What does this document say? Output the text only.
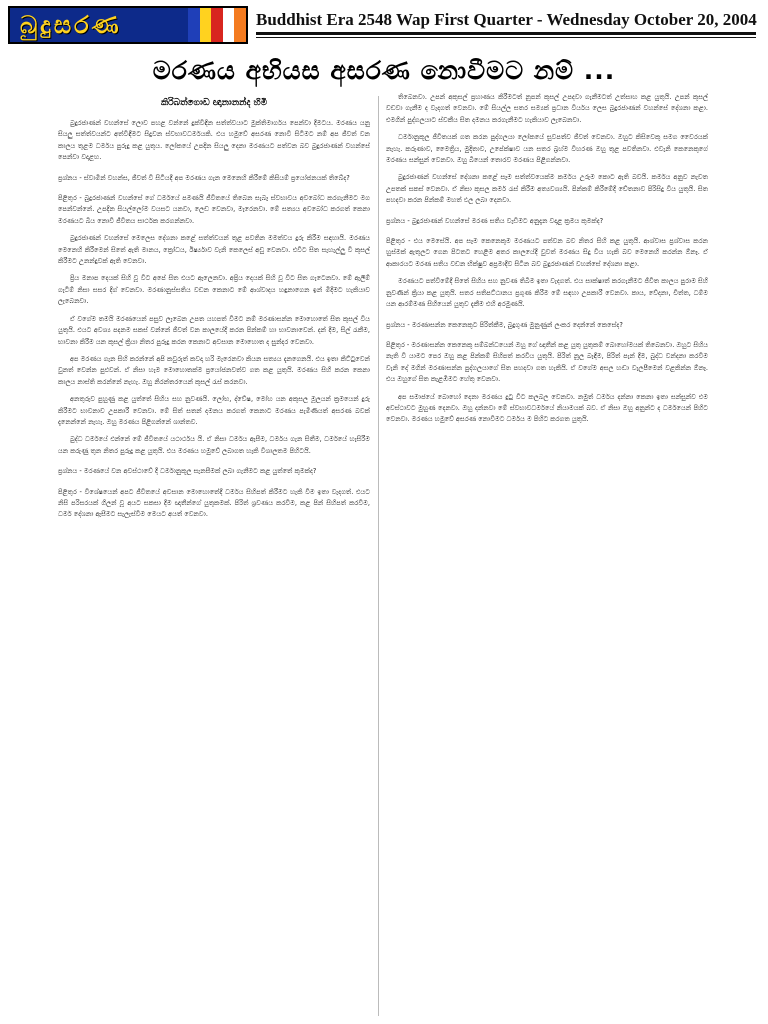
බුදුසරණ	Buddhist Era 2548 Wap First Quarter - Wednesday October 20, 2004
මරණය අභියස අසරණ නොවීමට නම් ...
කිරිබත්ගොඩ ඥානානන්ද හිමි

බුදුරජාණන් වහන්සේ ලොව පහළ වන්නේ දුක්විඳින සත්ත්වයාට මුක්තිමාර්ගය පෙන්වා දීමටය. මරණය යනු සියලු සත්ත්වයන්ට අත්විඳීමට සිදුවන ස්වභාවධර්මයකි. එය හමුවේ අසරණ නොවී සිටීමට නම් අප ජීවත් වන කාලය තුළම ධර්මය පුරුදු කළ යුතුය. ලෝකයේ උපදින සියලු දෙනා මරණයට පත්වන බව බුදුරජාණන් වහන්සේ පෙන්වා වදාළහ.

ප්‍රශ්නය - ස්වාමීන් වහන්ස, ජීවත් වී සිටියදී අප මරණය ගැන මෙනෙහි කිරීමේ කිසියම් ප්‍රයෝජනයක් තිබේද?

පිළිතුර - බුදුරජාණන් වහන්සේ ගේ ධර්මයේ පමණයි ජීවිතයේ තිබෙන සැබෑ ස්වභාවය අවබෝධ කරගැනීමට මග පෙන්වන්නේ. උපදින සියල්ලෝම වයසට යනවා, ලෙඩ වෙනවා, මැරෙනවා. මේ සත්‍යය අවබෝධ කරගත් කෙනා මරණයට බිය නොවී ජීවිතය සාර්ථක කරගන්නවා.

බුදුරජාණන් වහන්සේ මෙලෙස දේශනා කළේ සත්ත්වයන් තුළ පවතින මමත්වය දුරු කිරීම සඳහායි. මරණය මෙනෙහි කිරීමෙන් සිතේ ඇති මානය, ක්‍රෝධය, ඊර්ෂ්‍යාව වැනි කෙලෙස් අඩු වෙනවා. එවිට සිත සැහැල්ලු වී කුසල් කිරීමට උනන්දුවක් ඇති වෙනවා.

ප්‍රිය මනාප දෙයක් සිහි වූ විට අපේ සිත එයට ඇලෙනවා. අප්‍රිය දෙයක් සිහි වූ විට සිත ගැටෙනවා. මේ ඇලීම් ගැටීම් නිසා සසර දිග් වෙනවා. මරණානුස්සතිය වඩන කෙනාට මේ ආශ්වාදය හඳුනාගෙන ඉන් මිදීමට හැකියාව ලැබෙනවා.

ඒ වගේම තමයි මරණයෙන් පසුව ලැබෙන උපත යහපත් වීමට නම් මරණාසන්න මොහොතේ සිත කුසල් විය යුතුයි. එයට අවශ්‍ය පදනම සකස් වන්නේ ජීවත් වන කාලයේදී කරන පින්කම් හා භාවනාවෙන්. දන් දීම, සිල් රැකීම, භාවනා කිරීම යන කුසල් ක්‍රියා නිතර පුරුදු කරන කෙනාට අවසාන මොහොත ද සුන්දර වෙනවා.

අප මරණය ගැන සිහි කරන්නේ අපි කවුරුත් කවදා හරි මැරෙනවා කියන සත්‍යය දැනගෙනයි. එය ඉතා කිට්ටුවෙන් වුනත් වෙන්න පුළුවන්. ඒ නිසා හැම මොහොතක්ම ප්‍රයෝජනවත්ව ගත කළ යුතුයි. මරණය සිහි කරන කෙනා කාලය නාස්ති කරන්නේ නැහැ. ඔහු නිරන්තරයෙන් කුසල් රැස් කරනවා.

අනතුරුව පුහුණු කළ යුත්තේ සිහිය සහ නුවණයි. ලෝභ, ද්වේෂ, මෝහ යන අකුසල මූලයන් ක්‍රමයෙන් දුරු කිරීමට භාවනාව උපකාරී වෙනවා. මේ සිත් සතන් දමනය කරගත් කෙනාට මරණය පැමිණියත් අසරණ බවක් දැනෙන්නේ නැහැ. ඔහු මරණය පිළිගන්නේ ශාන්තව.

බුද්ධ ධර්මයේ එන්නේ මේ ජීවිතයේ යථාර්ථය යි. ඒ නිසා ධර්මය ඇසීම, ධර්මය ගැන සිතීම, ධර්මයේ හැසිරීම යන කරුණු තුන නිතර පුරුදු කළ යුතුයි. එය මරණය හමුවේ ලබාගත හැකි විශාලතම පිහිටයි.

ප්‍රශ්නය - මරණයේ වන අවස්ථාවේ දී ධර්මානුකූල සැනසීමක් ලබා ගැනීමට කළ යුත්තේ කුමක්ද?

පිළිතුර - විශේෂයෙන් අපට ජීවිතයේ අවසාන මොහොතේදී ධර්මය සිහිපත් කිරීමට හැකි වීම ඉතා වැදගත්. එයට නිසි පරිසරයක් ගිලන් වූ අයට සකසා දීම ඥාතීන්ගේ යුතුකමක්. පිරිත් ශ්‍රවණය කරවීම, කළ පින් සිහිපත් කරවීම, ධර්ම දේශනා ඇසීමට සැලැස්වීම මෙයට අයත් වෙනවා.

තිබෙනවා. උපන් අකුසල් ප්‍රහාණය කිරීමටත් නූපන් කුසල් උපදවා ගැනීමටත් උත්සාහ කළ යුතුයි. උපන් කුසල් වඩවා ගැනීම ද වැදගත් වෙනවා. මේ සියල්ල සතර සම්‍යක් ප්‍රධාන වීර්යය ලෙස බුදුරජාණන් වහන්සේ දේශනා කළා. එමගින් පුද්ගලයාට ස්වකීය සිත දමනය කරගැනීමට හැකියාව ලැබෙනවා.

ධර්මානුකූල ජීවිතයක් ගත කරන පුද්ගලයා ලෝකයේ සුවපත්ව ජීවත් වෙනවා. ඔහුට කිසිවෙකු සමග වෛරයක් නැහැ. කරුණාව, මෛත්‍රිය, මුදිතාව, උපේක්ෂාව යන සතර බ්‍රහ්ම විහරණ ඔහු තුළ පවතිනවා. එවැනි කෙනෙකුගේ මරණය සන්සුන් වෙනවා. ඔහු බියෙන් තොරව මරණය පිළිගන්නවා.

බුදුරජාණන් වහන්සේ දේශනා කළේ සෑම සත්ත්වයෙක්ම කර්මය උරුම කොට ඇති බවයි. කර්මය අනුව නැවත උපතක් සකස් වෙනවා. ඒ නිසා කුසල කර්ම රැස් කිරීම අත්‍යවශ්‍යයි. පින්කම් කිරීමේදී චේතනාව පිරිසිදු විය යුතුයි. සිත පහදවා කරන පින්කම් මහත් ඵල ලබා දෙනවා.

ප්‍රශ්නය - බුදුරජාණන් වහන්සේ මරණ සතිය වැඩීමට අනුදැන වදාළ ක්‍රමය කුමක්ද?

පිළිතුර - එය මෙසේයි. අප සෑම කෙනෙකුම මරණයට පත්වන බව නිතර සිහි කළ යුතුයි. ආශ්වාස ප්‍රශ්වාස කරන හුස්මක් ඇතුලට ගෙන පිටතට හෙළීම අතර කාලයේදී වුවත් මරණය සිදු විය හැකි බව මෙනෙහි කරන්න ඕනෑ. ඒ ආකාරයට මරණ සතිය වඩන භික්ෂුව අප්‍රමාදීව සිටින බව බුදුරජාණන් වහන්සේ දේශනා කළා.

මරණයට පත්වීමේදී සිතේ සිහිය සහ නුවණ තිබීම ඉතා වැදගත්. එය සාක්ෂාත් කරගැනීමට ජීවිත කාලය පුරාම සිහි නුවණින් ක්‍රියා කළ යුතුයි. සතර සතිපට්ඨානය ප්‍රගුණ කිරීම මේ සඳහා උපකාරී වෙනවා. කාය, වේදනා, චිත්ත, ධම්ම යන ආරම්මණ සිහියෙන් යුතුව දැකීම එහි අරමුණයි.

ප්‍රශ්නය - මරණාසන්න කෙනෙකුට පිරිත්කීම, බුදුගුණ මුනුණුන් ලංකර දෙන්නේ කෙසේද?

පිළිතුර - මරණාසන්න කෙනෙකු සම්බන්ධයෙන් ඔහු ගේ ඥාතීන් කළ යුතු යුතුකම් බොහෝමයක් තිබෙනවා. ඔහුට සිහිය නැති වී යාමට පෙර ඔහු කළ පින්කම් සිහිපත් කරවිය යුතුයි. පිරිත් නූල බැඳීම, පිරිත් පැන් දීම, බුද්ධ වන්දනා කරවීම වැනි දේ මගින් මරණාසන්න පුද්ගලයාගේ සිත පහදවා ගත හැකියි. ඒ වගේම අසල හඬා වැලපීමෙන් වළකින්න ඕනෑ. එය ඔහුගේ සිත කැළඹීමට හේතු වෙනවා.

අප සමාජයේ බොහෝ දෙනා මරණය දුටු විට කලබල වෙනවා. නමුත් ධර්මය දන්නා කෙනා ඉතා සන්සුන්ව එම අවස්ථාවට මුහුණ දෙනවා. ඔහු දන්නවා මේ ස්වභාවධර්මයේ නියාමයක් බව. ඒ නිසා ඔහු අනුන්ට ද ධර්මයෙන් පිහිට වෙනවා. මරණය හමුවේ අසරණ නොවීමට ධර්මය ම පිහිට කරගත යුතුයි.
